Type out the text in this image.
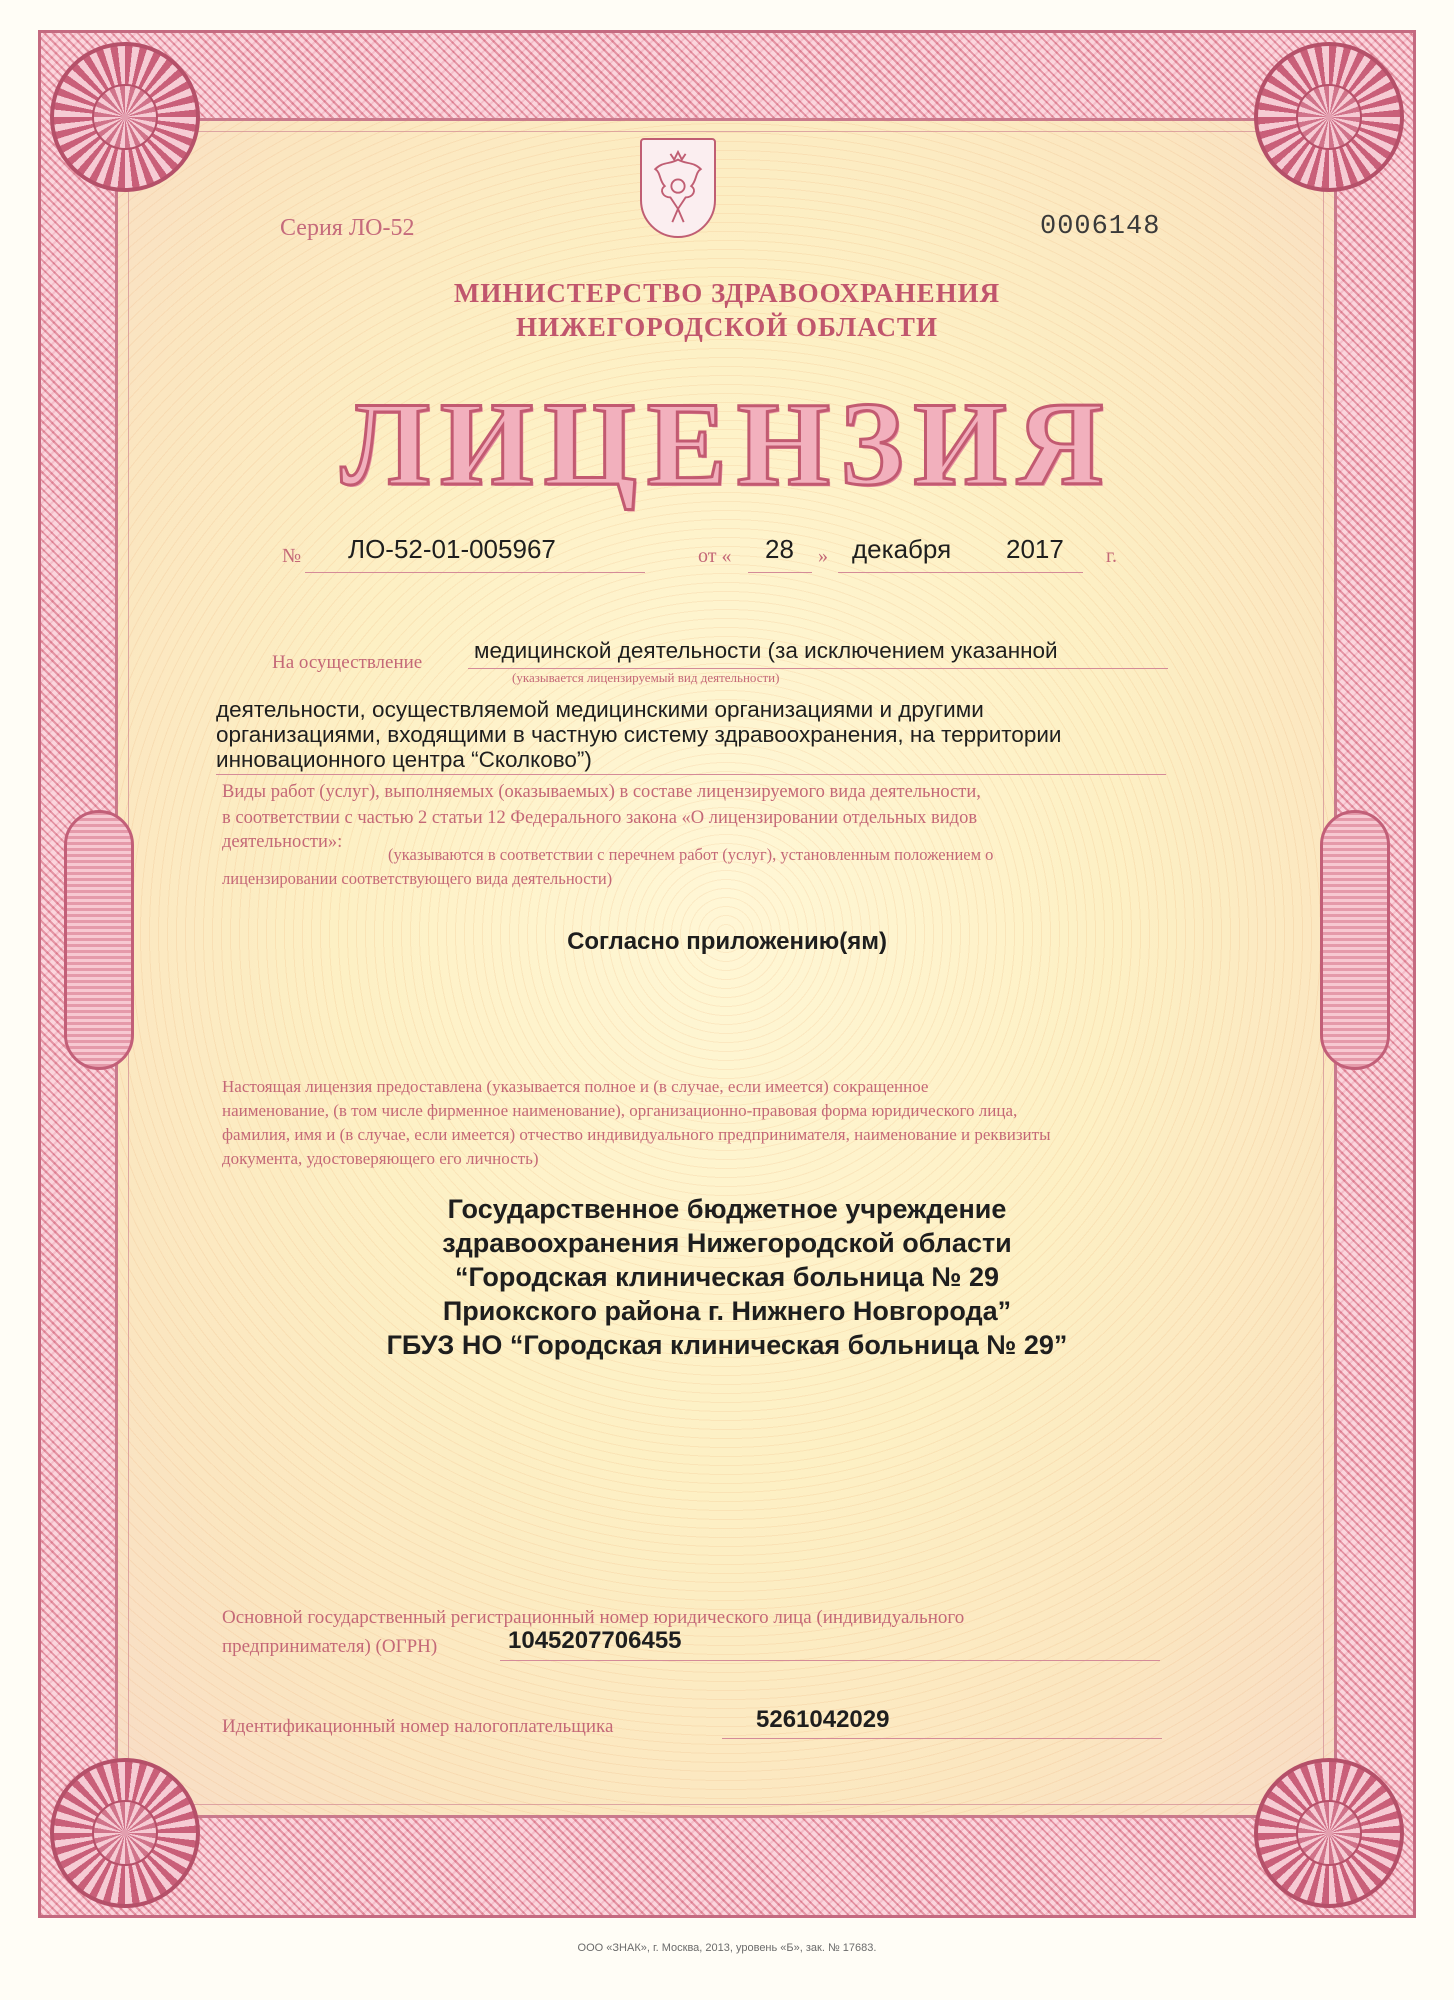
Серия ЛО-52	0006148
МИНИСТЕРСТВО ЗДРАВООХРАНЕНИЯ
НИЖЕГОРОДСКОЙ ОБЛАСТИ
ЛИЦЕНЗИЯ
№ ЛО-52-01-005967	от « 28 » декабря 2017 г.
На осуществление медицинской деятельности (за исключением указанной
(указывается лицензируемый вид деятельности)
деятельности, осуществляемой медицинскими организациями и другими
организациями, входящими в частную систему здравоохранения, на территории
инновационного центра “Сколково”)
Виды работ (услуг), выполняемых (оказываемых) в составе лицензируемого вида деятельности,
в соответствии с частью 2 статьи 12 Федерального закона «О лицензировании отдельных видов
деятельности»:
(указываются в соответствии с перечнем работ (услуг), установленным положением о
лицензировании соответствующего вида деятельности)
Согласно приложению(ям)
Настоящая лицензия предоставлена (указывается полное и (в случае, если имеется) сокращенное
наименование, (в том числе фирменное наименование), организационно-правовая форма юридического лица,
фамилия, имя и (в случае, если имеется) отчество индивидуального предпринимателя, наименование и реквизиты
документа, удостоверяющего его личность)
Государственное бюджетное учреждение
здравоохранения Нижегородской области
“Городская клиническая больница № 29
Приокского района г. Нижнего Новгорода”
ГБУЗ НО “Городская клиническая больница № 29”
Основной государственный регистрационный номер юридического лица (индивидуального
предпринимателя) (ОГРН)	1045207706455
Идентификационный номер налогоплательщика	5261042029
ООО «ЗНАК», г. Москва, 2013, уровень «Б», зак. № 17683.
